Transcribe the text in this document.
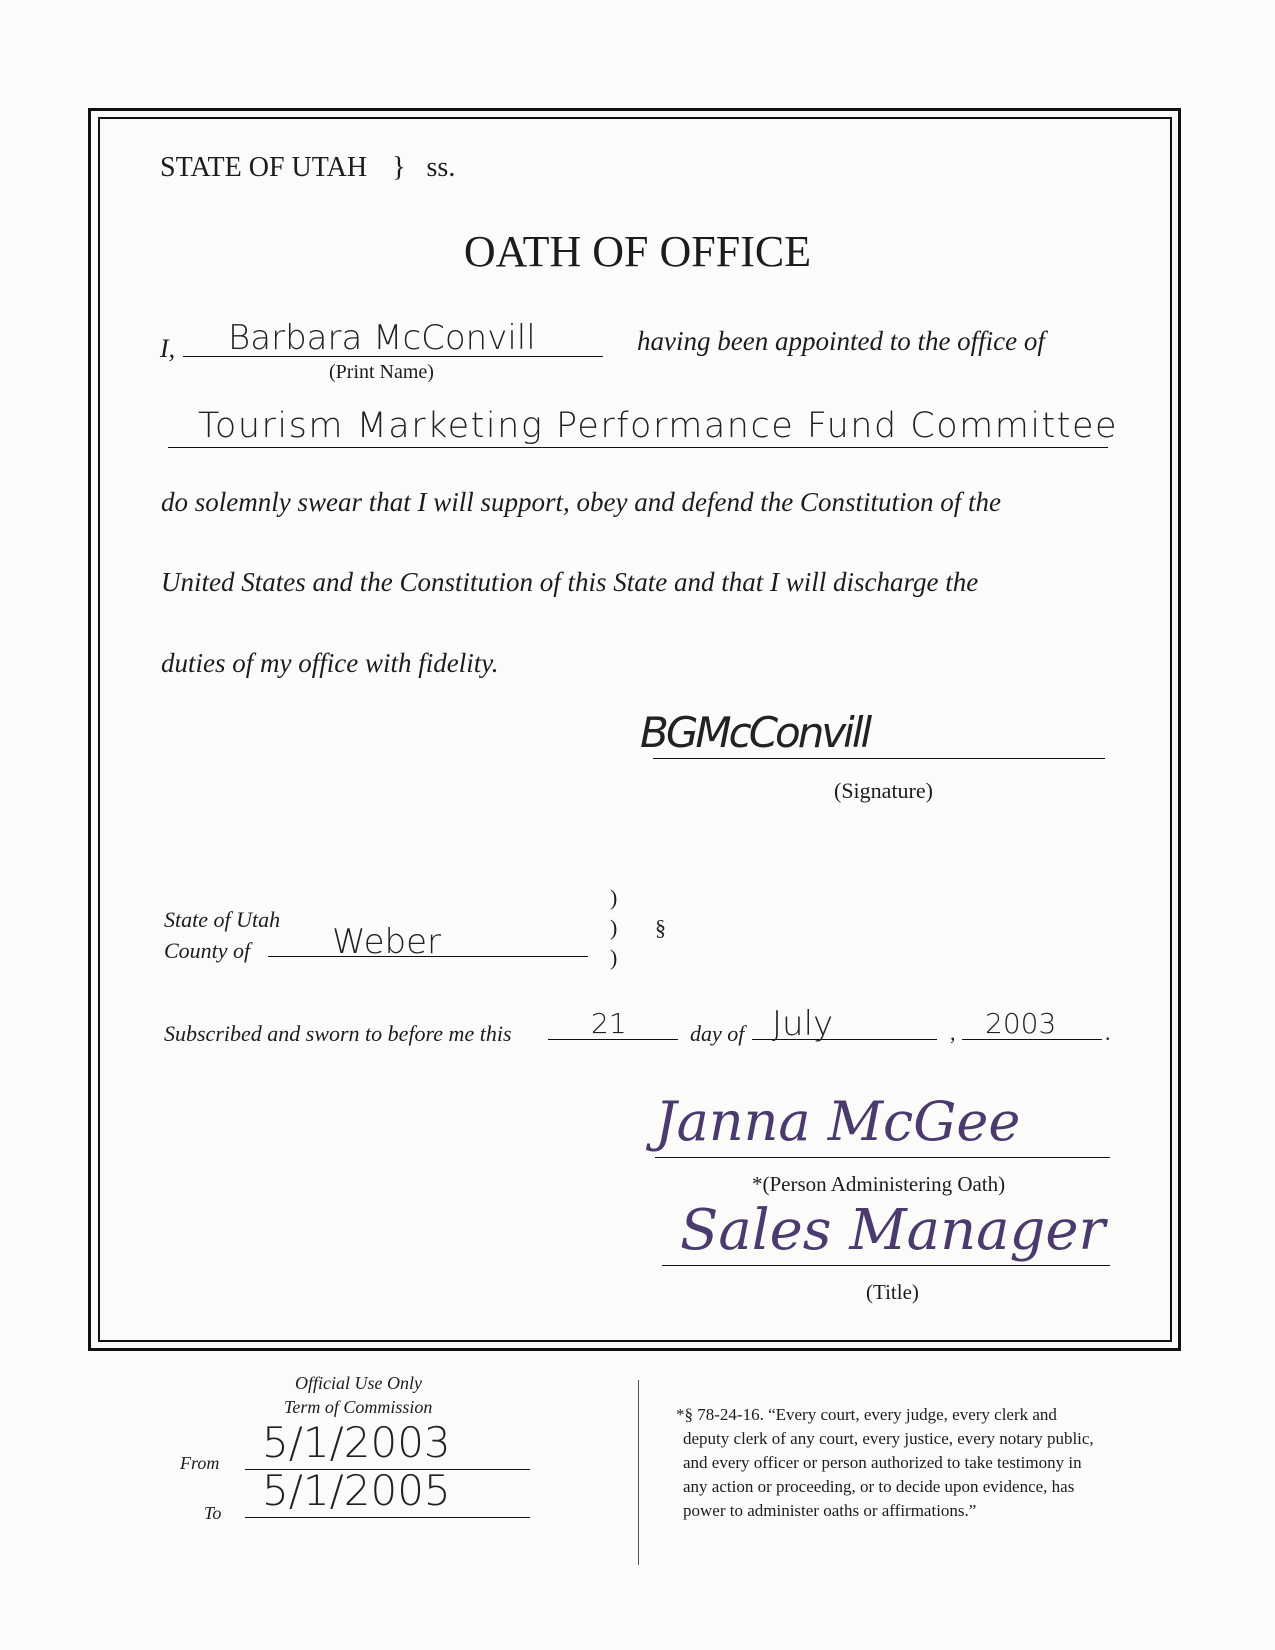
STATE OF UTAH } ss.
OATH OF OFFICE
I, Barbara McConvill
(Print Name)
having been appointed to the office of
Tourism Marketing Performance Fund Committee
do solemnly swear that I will support, obey and defend the Constitution of the
United States and the Constitution of this State and that I will discharge the
duties of my office with fidelity.
BGMcConvill
(Signature)
State of Utah
County of Weber
)
)
)
§
Subscribed and sworn to before me this	21	day of July	, 2003 .
Janna McGee
*(Person Administering Oath)
Sales Manager
(Title)
Official Use Only
Term of Commission
From 5/1/2003
To 5/1/2005
*§ 78-24-16. “Every court, every judge, every clerk and
deputy clerk of any court, every justice, every notary public,
and every officer or person authorized to take testimony in
any action or proceeding, or to decide upon evidence, has
power to administer oaths or affirmations.”
